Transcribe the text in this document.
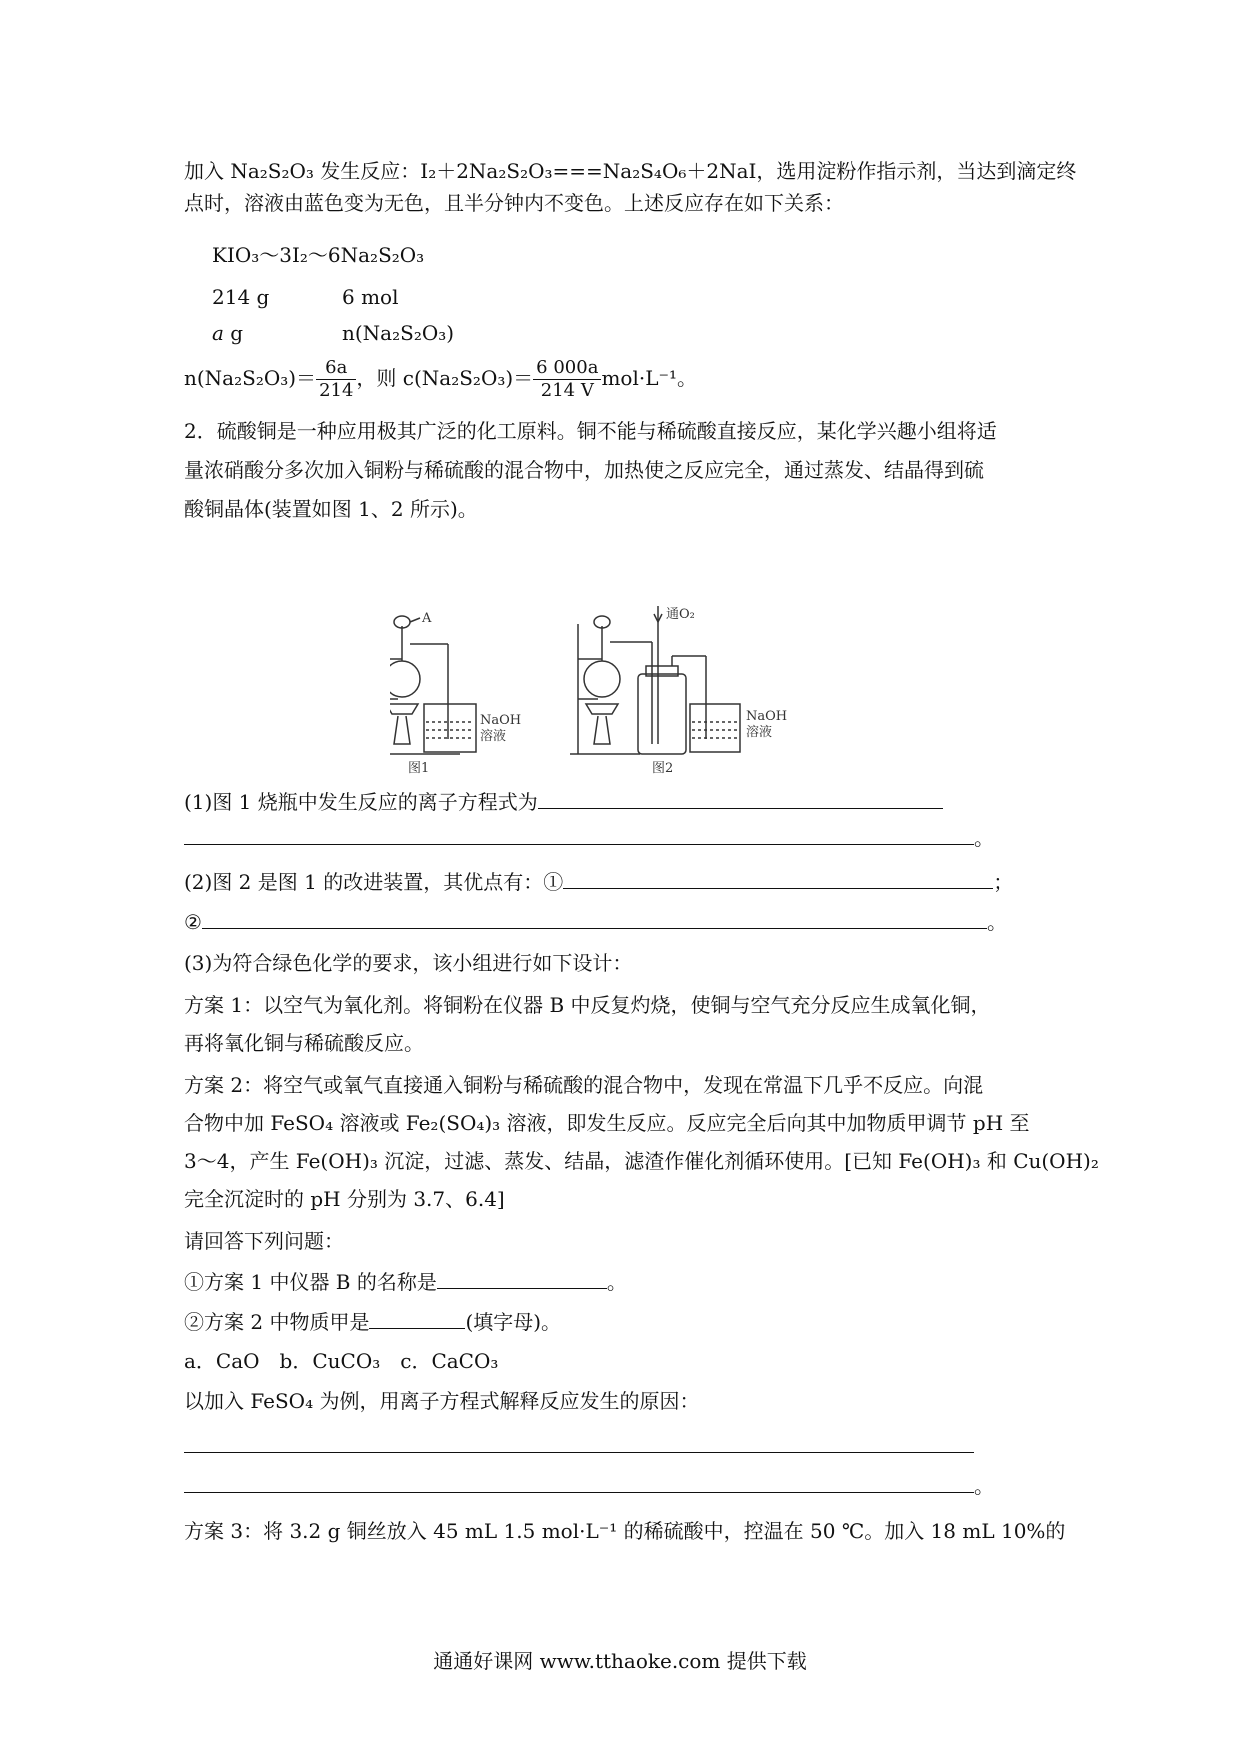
加入 Na₂S₂O₃ 发生反应：I₂＋2Na₂S₂O₃===Na₂S₄O₆＋2NaI，选用淀粉作指示剂，当达到滴定终
点时，溶液由蓝色变为无色，且半分钟内不变色。上述反应存在如下关系：
KIO₃～3I₂～6Na₂S₂O₃
214 g	6 mol
a g	n(Na₂S₂O₃)
$n(Na_2S_2O_3)= \frac{6a}{214}$ ，则 $c(Na_2S_2O_3)= \frac{6 000a}{214 V} mol\cdot L^{-1}$。
2．硫酸铜是一种应用极其广泛的化工原料。铜不能与稀硫酸直接反应，某化学兴趣小组将适
量浓硝酸分多次加入铜粉与稀硫酸的混合物中，加热使之反应完全，通过蒸发、结晶得到硫
酸铜晶体(装置如图 1、2 所示)。
A
NaOH
溶液
图1
通O₂
NaOH
溶液
图2
(1)图 1 烧瓶中发生反应的离子方程式为
。
(2)图 2 是图 1 的改进装置，其优点有：①	；
②	。
(3)为符合绿色化学的要求，该小组进行如下设计：
方案 1：以空气为氧化剂。将铜粉在仪器 B 中反复灼烧，使铜与空气充分反应生成氧化铜，
再将氧化铜与稀硫酸反应。
方案 2：将空气或氧气直接通入铜粉与稀硫酸的混合物中，发现在常温下几乎不反应。向混
合物中加 FeSO₄ 溶液或 Fe₂(SO₄)₃ 溶液，即发生反应。反应完全后向其中加物质甲调节 pH 至
3～4，产生 Fe(OH)₃ 沉淀，过滤、蒸发、结晶，滤渣作催化剂循环使用。[已知 Fe(OH)₃ 和 Cu(OH)₂
完全沉淀时的 pH 分别为 3.7、6.4]
请回答下列问题：
①方案 1 中仪器 B 的名称是	。
②方案 2 中物质甲是	(填字母)。
a．CaO　b．CuCO₃　c．CaCO₃
以加入 FeSO₄ 为例，用离子方程式解释反应发生的原因：
。
方案 3：将 3.2 g 铜丝放入 45 mL 1.5 mol·L⁻¹ 的稀硫酸中，控温在 50 ℃。加入 18 mL 10%的
通通好课网 www.tthaoke.com 提供下载
